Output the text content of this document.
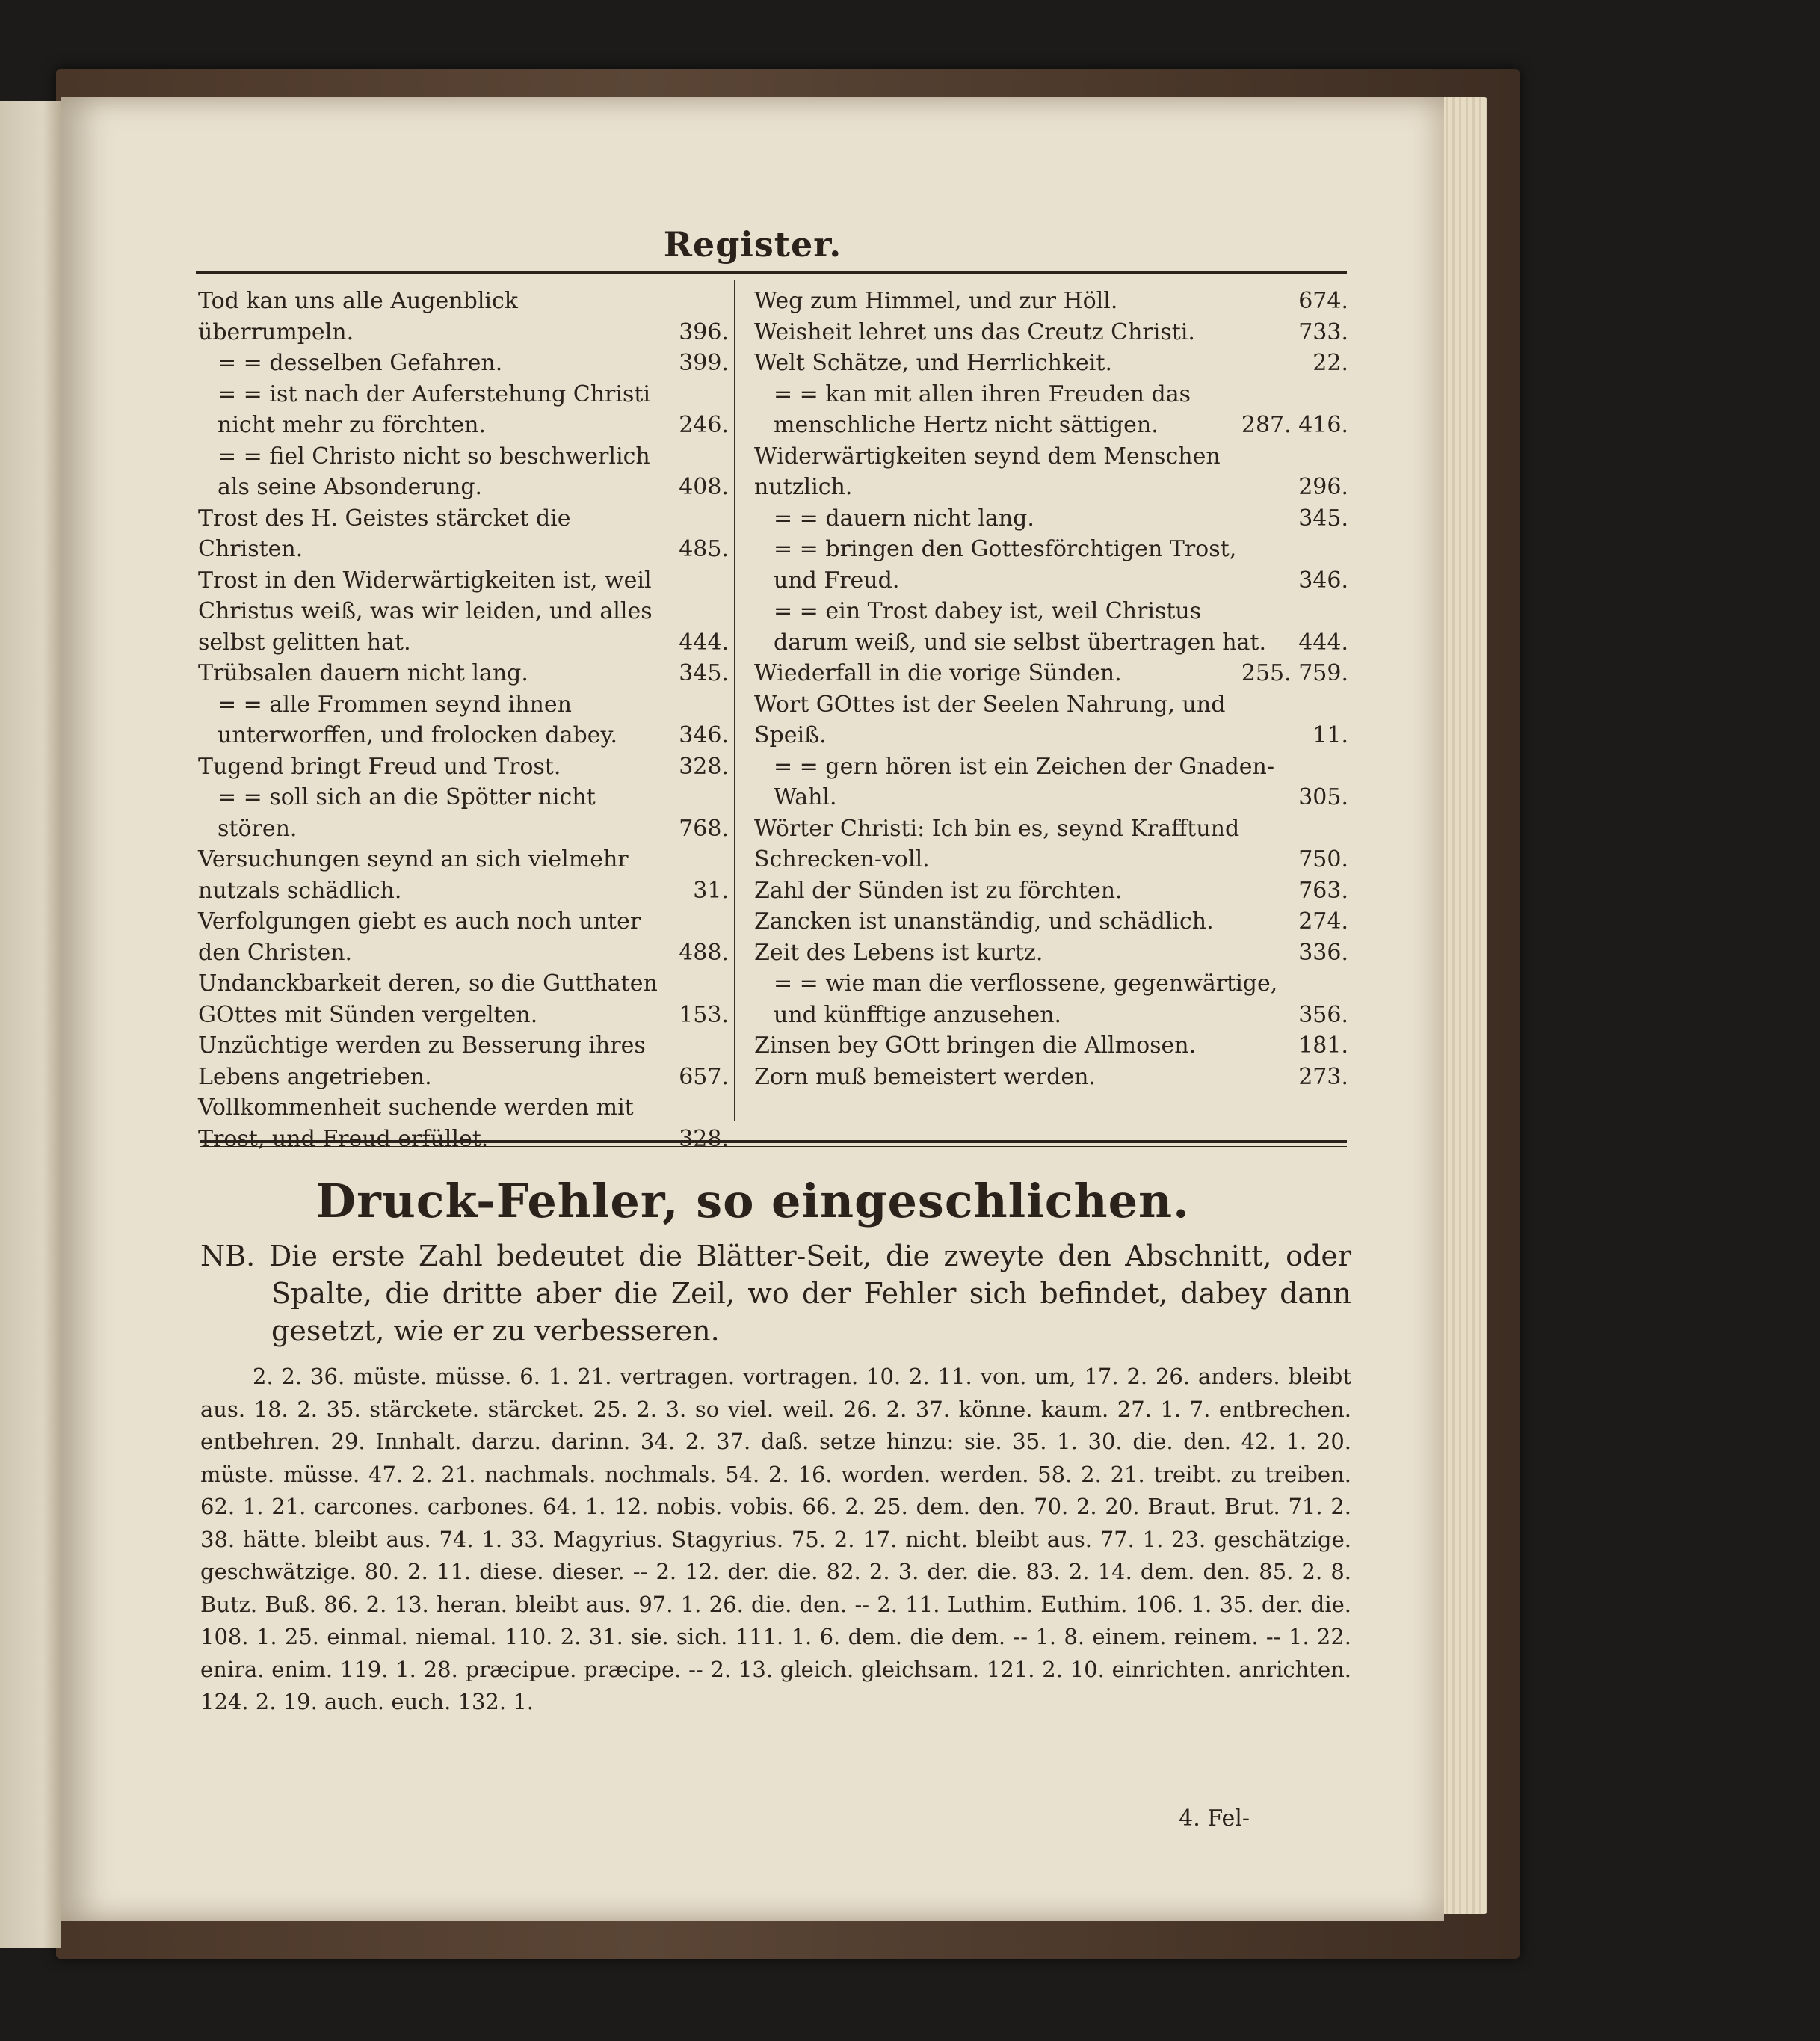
Register.
Tod kan uns alle Augenblick überrumpeln.	396.
= = desselben Gefahren.	399.
= = ist nach der Auferstehung Christi nicht mehr zu förchten.	246.
= = fiel Christo nicht so beschwerlich als seine Absonderung.	408.
Trost des H. Geistes stärcket die Christen.	485.
Trost in den Widerwärtigkeiten ist, weil Christus weiß, was wir leiden, und alles selbst gelitten hat.	444.
Trübsalen dauern nicht lang.	345.
= = alle Frommen seynd ihnen unterworffen, und frolocken dabey.	346.
Tugend bringt Freud und Trost.	328.
= = soll sich an die Spötter nicht stören.	768.
Versuchungen seynd an sich vielmehr nutzals schädlich.	31.
Verfolgungen giebt es auch noch unter den Christen.	488.
Undanckbarkeit deren, so die Gutthaten GOttes mit Sünden vergelten.	153.
Unzüchtige werden zu Besserung ihres Lebens angetrieben.	657.
Vollkommenheit suchende werden mit Trost, und Freud erfüllet.	328.
Weg zum Himmel, und zur Höll.	674.
Weisheit lehret uns das Creutz Christi.	733.
Welt Schätze, und Herrlichkeit.	22.
= = kan mit allen ihren Freuden das menschliche Hertz nicht sättigen.	287. 416.
Widerwärtigkeiten seynd dem Menschen nutzlich.	296.
= = dauern nicht lang.	345.
= = bringen den Gottesförchtigen Trost, und Freud.	346.
= = ein Trost dabey ist, weil Christus darum weiß, und sie selbst übertragen hat.	444.
Wiederfall in die vorige Sünden.	255. 759.
Wort GOttes ist der Seelen Nahrung, und Speiß.	11.
= = gern hören ist ein Zeichen der Gnaden-Wahl.	305.
Wörter Christi: Ich bin es, seynd Krafftund Schrecken-voll.	750.
Zahl der Sünden ist zu förchten.	763.
Zancken ist unanständig, und schädlich.	274.
Zeit des Lebens ist kurtz.	336.
= = wie man die verflossene, gegenwärtige, und künfftige anzusehen.	356.
Zinsen bey GOtt bringen die Allmosen.	181.
Zorn muß bemeistert werden.	273.
Druck-Fehler, so eingeschlichen.
NB. Die erste Zahl bedeutet die Blätter-Seit, die zweyte den Abschnitt, oder Spalte, die dritte aber die Zeil, wo der Fehler sich befindet, dabey dann gesetzt, wie er zu verbesseren.
2. 2. 36. müste. müsse. 6. 1. 21. vertragen. vortragen. 10. 2. 11. von. um, 17. 2. 26. anders. bleibt aus. 18. 2. 35. stärckete. stärcket. 25. 2. 3. so viel. weil. 26. 2. 37. könne. kaum. 27. 1. 7. entbrechen. entbehren. 29. Innhalt. darzu. darinn. 34. 2. 37. daß. setze hinzu: sie. 35. 1. 30. die. den. 42. 1. 20. müste. müsse. 47. 2. 21. nachmals. nochmals. 54. 2. 16. worden. werden. 58. 2. 21. treibt. zu treiben. 62. 1. 21. carcones. carbones. 64. 1. 12. nobis. vobis. 66. 2. 25. dem. den. 70. 2. 20. Braut. Brut. 71. 2. 38. hätte. bleibt aus. 74. 1. 33. Magyrius. Stagyrius. 75. 2. 17. nicht. bleibt aus. 77. 1. 23. geschätzige. geschwätzige. 80. 2. 11. diese. dieser. -- 2. 12. der. die. 82. 2. 3. der. die. 83. 2. 14. dem. den. 85. 2. 8. Butz. Buß. 86. 2. 13. heran. bleibt aus. 97. 1. 26. die. den. -- 2. 11. Luthim. Euthim. 106. 1. 35. der. die. 108. 1. 25. einmal. niemal. 110. 2. 31. sie. sich. 111. 1. 6. dem. die dem. -- 1. 8. einem. reinem. -- 1. 22. enira. enim. 119. 1. 28. præcipue. præcipe. -- 2. 13. gleich. gleichsam. 121. 2. 10. einrichten. anrichten. 124. 2. 19. auch. euch. 132. 1.
4. Fel-
